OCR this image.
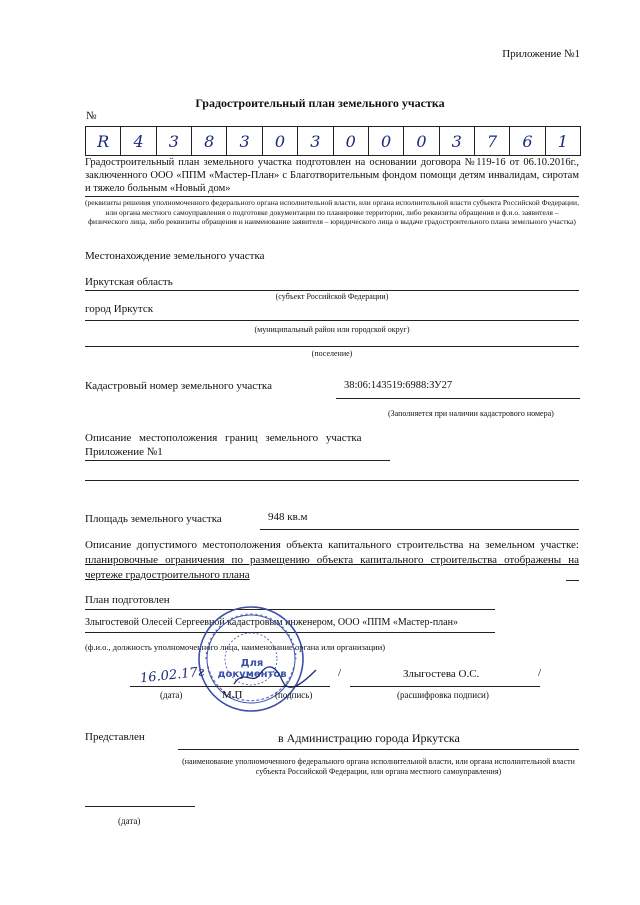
Приложение №1
Градостроительный план земельного участка
№
R	4	3	8	3	0	3	0	0	0	3	7	6	1
Градостроительный план земельного участка подготовлен на основании договора №119-16 от 06.10.2016г., заключенного ООО «ППМ «Мастер-План» с Благотворительным фондом помощи детям инвалидам, сиротам и тяжело больным «Новый дом»
(реквизиты решения уполномоченного федерального органа исполнительной власти, или органа исполнительной власти субъекта Российской Федерации, или органа местного самоуправления о подготовке документации по планировке территории, либо реквизиты обращения и ф.и.о. заявителя – физического лица, либо реквизиты обращения и наименование заявителя – юридического лица о выдаче градостроительного плана земельного участка)
Местонахождение земельного участка
Иркутская область
(субъект Российской Федерации)
город Иркутск
(муниципальный район или городской округ)
(поселение)
Кадастровый номер земельного участка	38:06:143519:6988:ЗУ27
(Заполняется при наличии кадастрового номера)
Описание местоположения границ земельного участка
Приложение №1
Площадь земельного участка	948 кв.м
Описание допустимого местоположения объекта капитального строительства на земельном участке: планировочные ограничения по размещению объекта капитального строительства отображены на чертеже градостроительного плана
План подготовлен
Злыгостевой Олесей Сергеевной кадастровым инженером, ООО «ППМ «Мастер-план»
(ф.и.о., должность уполномоченного лица, наименование органа или организации)
Для
документов
16.02.17г	/	Злыгостева О.С.	/
(дата)	М.П	(подпись)	(расшифровка подписи)
Представлен	в Администрацию города Иркутска
(наименование уполномоченного федерального органа исполнительной власти, или органа исполнительной власти субъекта Российской Федерации, или органа местного самоуправления)
(дата)
